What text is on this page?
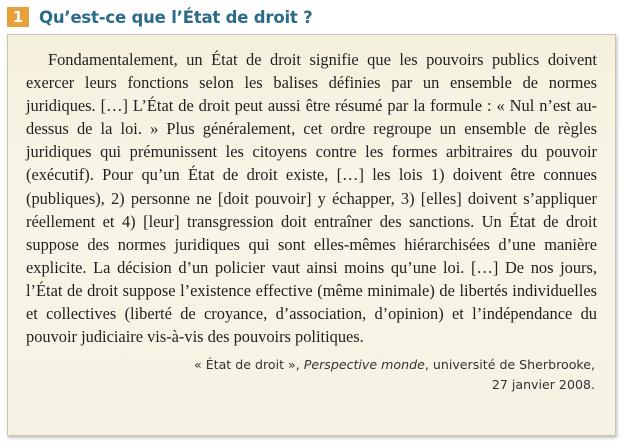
1 Qu’est-ce que l’État de droit ?

Fondamentalement, un État de droit signifie que les pouvoirs publics doivent exercer leurs fonctions selon les balises définies par un ensemble de normes juridiques. […] L’État de droit peut aussi être résumé par la formule : « Nul n’est au-dessus de la loi. » Plus généralement, cet ordre regroupe un ensemble de règles juridiques qui prémunissent les citoyens contre les formes arbitraires du pouvoir (exécutif). Pour qu’un État de droit existe, […] les lois 1) doivent être connues (publiques), 2) personne ne [doit pouvoir] y échapper, 3) [elles] doivent s’appliquer réellement et 4) [leur] transgression doit entraîner des sanctions. Un État de droit suppose des normes juridiques qui sont elles-mêmes hiérarchisées d’une manière explicite. La décision d’un policier vaut ainsi moins qu’une loi. […] De nos jours, l’État de droit suppose l’existence effective (même minimale) de libertés individuelles et collectives (liberté de croyance, d’association, d’opinion) et l’indépendance du pouvoir judiciaire vis-à-vis des pouvoirs politiques.

« État de droit », Perspective monde, université de Sherbrooke,
27 janvier 2008.
